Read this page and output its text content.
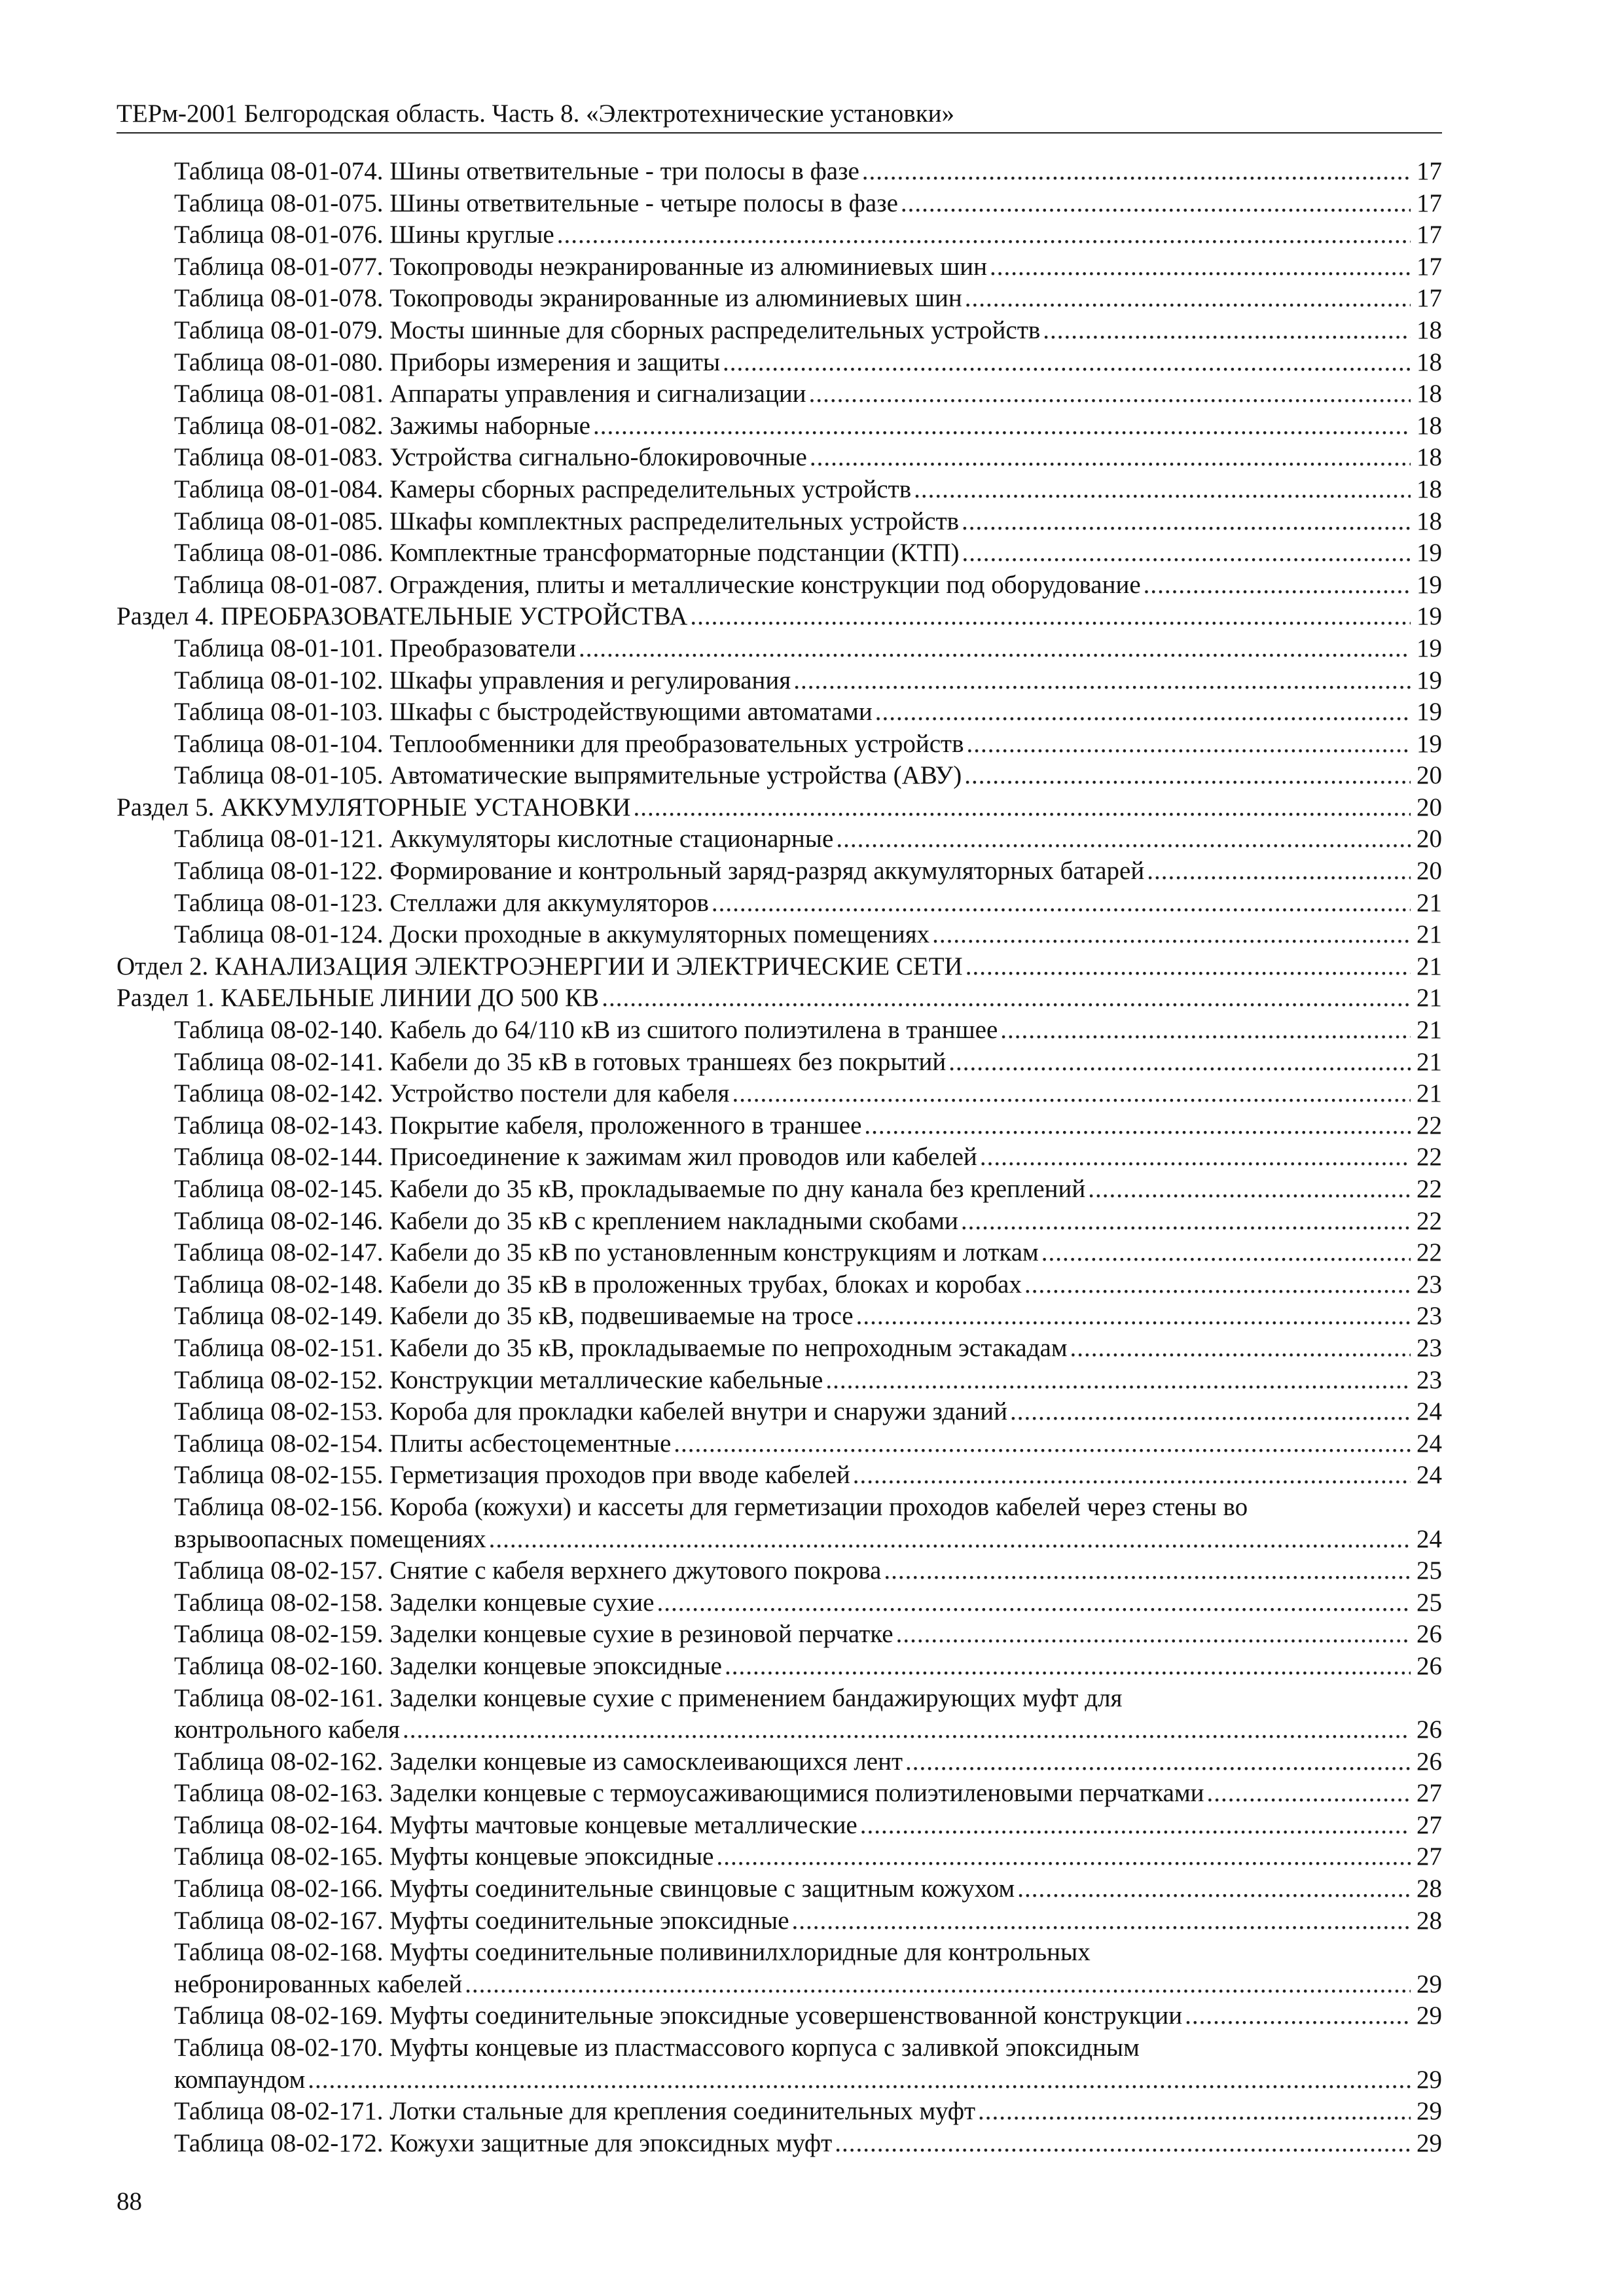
ТЕРм-2001 Белгородская область. Часть 8. «Электротехнические установки»
Таблица 08-01-074. Шины ответвительные - три полосы в фазе .....	17
Таблица 08-01-075. Шины ответвительные - четыре полосы в фазе .....	17
Таблица 08-01-076. Шины круглые .....	17
Таблица 08-01-077. Токопроводы неэкранированные из алюминиевых шин .....	17
Таблица 08-01-078. Токопроводы экранированные из алюминиевых шин .....	17
Таблица 08-01-079. Мосты шинные для сборных распределительных устройств .....	18
Таблица 08-01-080. Приборы измерения и защиты .....	18
Таблица 08-01-081. Аппараты управления и сигнализации .....	18
Таблица 08-01-082. Зажимы наборные .....	18
Таблица 08-01-083. Устройства сигнально-блокировочные .....	18
Таблица 08-01-084. Камеры сборных распределительных устройств .....	18
Таблица 08-01-085. Шкафы комплектных распределительных устройств .....	18
Таблица 08-01-086. Комплектные трансформаторные подстанции (КТП) .....	19
Таблица 08-01-087. Ограждения, плиты и металлические конструкции под оборудование .....	19
Раздел 4. ПРЕОБРАЗОВАТЕЛЬНЫЕ УСТРОЙСТВА .....	19
Таблица 08-01-101. Преобразователи .....	19
Таблица 08-01-102. Шкафы управления и регулирования .....	19
Таблица 08-01-103. Шкафы с быстродействующими автоматами .....	19
Таблица 08-01-104. Теплообменники для преобразовательных устройств .....	19
Таблица 08-01-105. Автоматические выпрямительные устройства (АВУ) .....	20
Раздел 5. АККУМУЛЯТОРНЫЕ УСТАНОВКИ .....	20
Таблица 08-01-121. Аккумуляторы кислотные стационарные .....	20
Таблица 08-01-122. Формирование и контрольный заряд-разряд аккумуляторных батарей .....	20
Таблица 08-01-123. Стеллажи для аккумуляторов .....	21
Таблица 08-01-124. Доски проходные в аккумуляторных помещениях .....	21
Отдел 2. КАНАЛИЗАЦИЯ ЭЛЕКТРОЭНЕРГИИ И ЭЛЕКТРИЧЕСКИЕ СЕТИ .....	21
Раздел 1. КАБЕЛЬНЫЕ ЛИНИИ ДО 500 КВ .....	21
Таблица 08-02-140. Кабель до 64/110 кВ из сшитого полиэтилена в траншее .....	21
Таблица 08-02-141. Кабели до 35 кВ в готовых траншеях без покрытий .....	21
Таблица 08-02-142. Устройство постели для кабеля .....	21
Таблица 08-02-143. Покрытие кабеля, проложенного в траншее .....	22
Таблица 08-02-144. Присоединение к зажимам жил проводов или кабелей .....	22
Таблица 08-02-145. Кабели до 35 кВ, прокладываемые по дну канала без креплений .....	22
Таблица 08-02-146. Кабели до 35 кВ с креплением накладными скобами .....	22
Таблица 08-02-147. Кабели до 35 кВ по установленным конструкциям и лоткам .....	22
Таблица 08-02-148. Кабели до 35 кВ в проложенных трубах, блоках и коробах .....	23
Таблица 08-02-149. Кабели до 35 кВ, подвешиваемые на тросе .....	23
Таблица 08-02-151. Кабели до 35 кВ, прокладываемые по непроходным эстакадам .....	23
Таблица 08-02-152. Конструкции металлические кабельные .....	23
Таблица 08-02-153. Короба для прокладки кабелей внутри и снаружи зданий .....	24
Таблица 08-02-154. Плиты асбестоцементные .....	24
Таблица 08-02-155. Герметизация проходов при вводе кабелей .....	24
Таблица 08-02-156. Короба (кожухи) и кассеты для герметизации проходов кабелей через стены во
взрывоопасных помещениях .....	24
Таблица 08-02-157. Снятие с кабеля верхнего джутового покрова .....	25
Таблица 08-02-158. Заделки концевые сухие .....	25
Таблица 08-02-159. Заделки концевые сухие в резиновой перчатке .....	26
Таблица 08-02-160. Заделки концевые эпоксидные .....	26
Таблица 08-02-161. Заделки концевые сухие с применением бандажирующих муфт для
контрольного кабеля .....	26
Таблица 08-02-162. Заделки концевые из самосклеивающихся лент .....	26
Таблица 08-02-163. Заделки концевые с термоусаживающимися полиэтиленовыми перчатками .....	27
Таблица 08-02-164. Муфты мачтовые концевые металлические .....	27
Таблица 08-02-165. Муфты концевые эпоксидные .....	27
Таблица 08-02-166. Муфты соединительные свинцовые с защитным кожухом .....	28
Таблица 08-02-167. Муфты соединительные эпоксидные .....	28
Таблица 08-02-168. Муфты соединительные поливинилхлоридные для контрольных
небронированных кабелей .....	29
Таблица 08-02-169. Муфты соединительные эпоксидные усовершенствованной конструкции .....	29
Таблица 08-02-170. Муфты концевые из пластмассового корпуса с заливкой эпоксидным
компаундом .....	29
Таблица 08-02-171. Лотки стальные для крепления соединительных муфт .....	29
Таблица 08-02-172. Кожухи защитные для эпоксидных муфт .....	29
88
